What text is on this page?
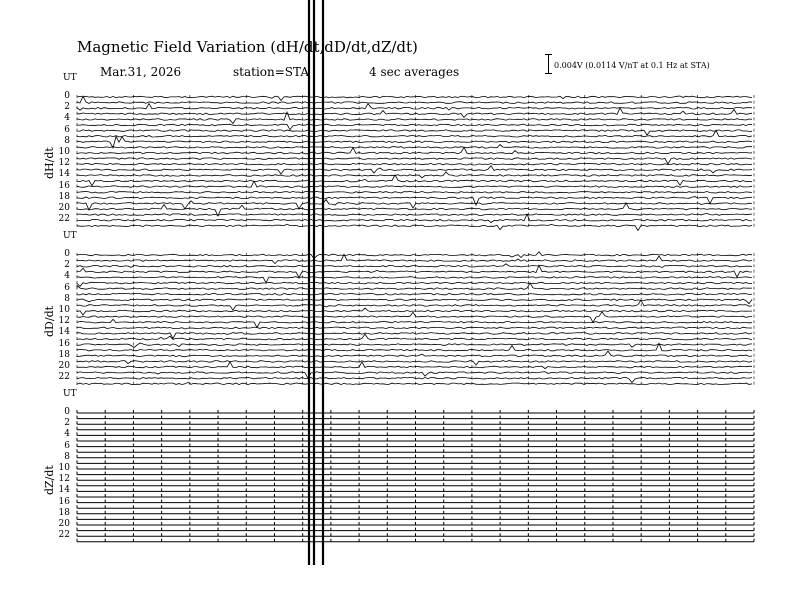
Magnetic Field Variation (dH/dt,dD/dt,dZ/dt)
Mar.31, 2026	station=STA	4 sec averages	0.004V (0.0114 V/nT at 0.1 Hz at STA)
UT
dH/dt
0
2
4
6
8
10
12
14
16
18
20
22
UT
dD/dt
0
2
4
6
8
10
12
14
16
18
20
22
UT
dZ/dt
0
2
4
6
8
10
12
14
16
18
20
22
